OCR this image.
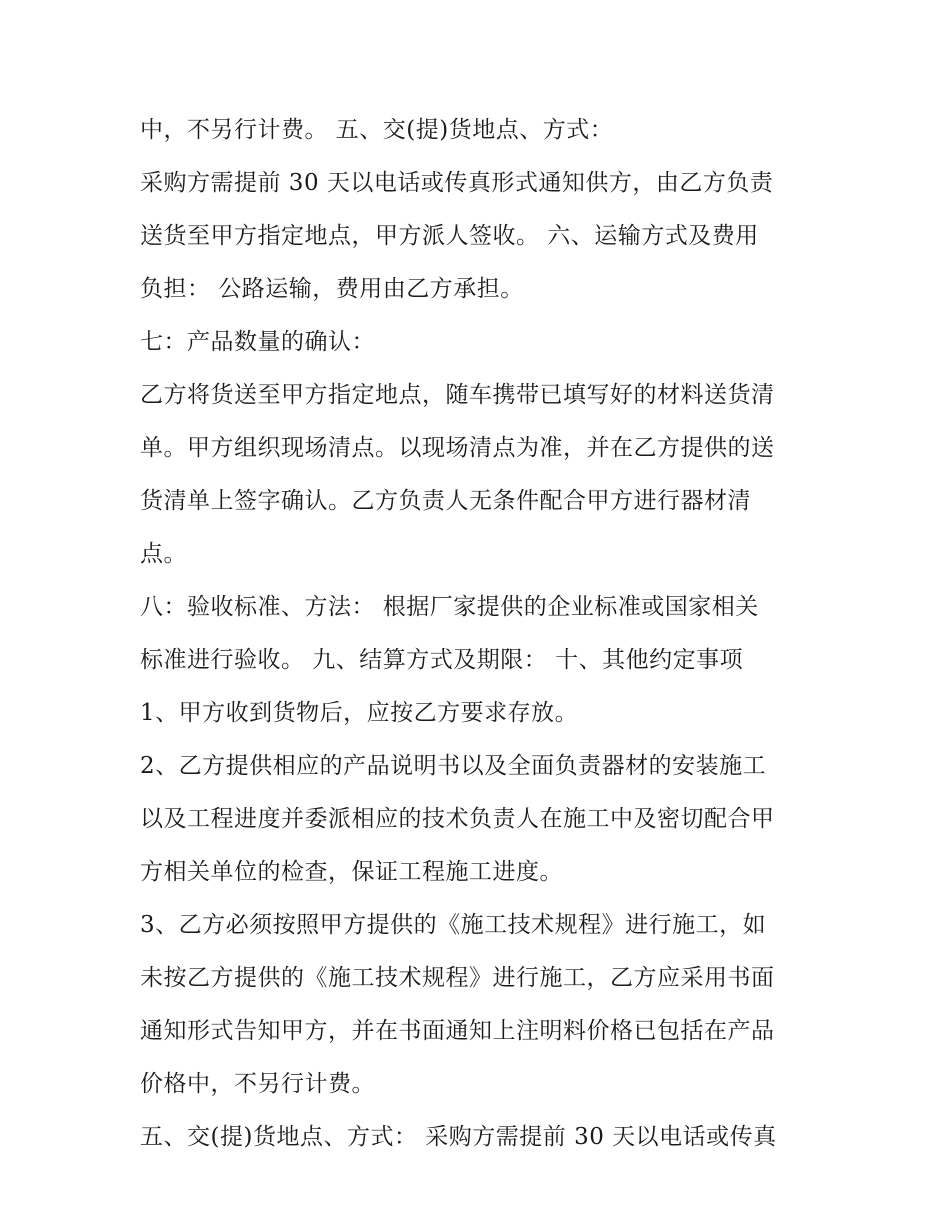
中，不另行计费。 五、交(提)货地点、方式：
采购方需提前 30 天以电话或传真形式通知供方，由乙方负责
送货至甲方指定地点，甲方派人签收。 六、运输方式及费用
负担： 公路运输，费用由乙方承担。
七：产品数量的确认：
乙方将货送至甲方指定地点，随车携带已填写好的材料送货清
单。甲方组织现场清点。以现场清点为准，并在乙方提供的送
货清单上签字确认。乙方负责人无条件配合甲方进行器材清
点。
八：验收标准、方法： 根据厂家提供的企业标准或国家相关
标准进行验收。 九、结算方式及期限： 十、其他约定事项
1、甲方收到货物后，应按乙方要求存放。
2、乙方提供相应的产品说明书以及全面负责器材的安装施工
以及工程进度并委派相应的技术负责人在施工中及密切配合甲
方相关单位的检查，保证工程施工进度。
3、乙方必须按照甲方提供的《施工技术规程》进行施工，如
未按乙方提供的《施工技术规程》进行施工，乙方应采用书面
通知形式告知甲方，并在书面通知上注明料价格已包括在产品
价格中，不另行计费。
五、交(提)货地点、方式： 采购方需提前 30 天以电话或传真
